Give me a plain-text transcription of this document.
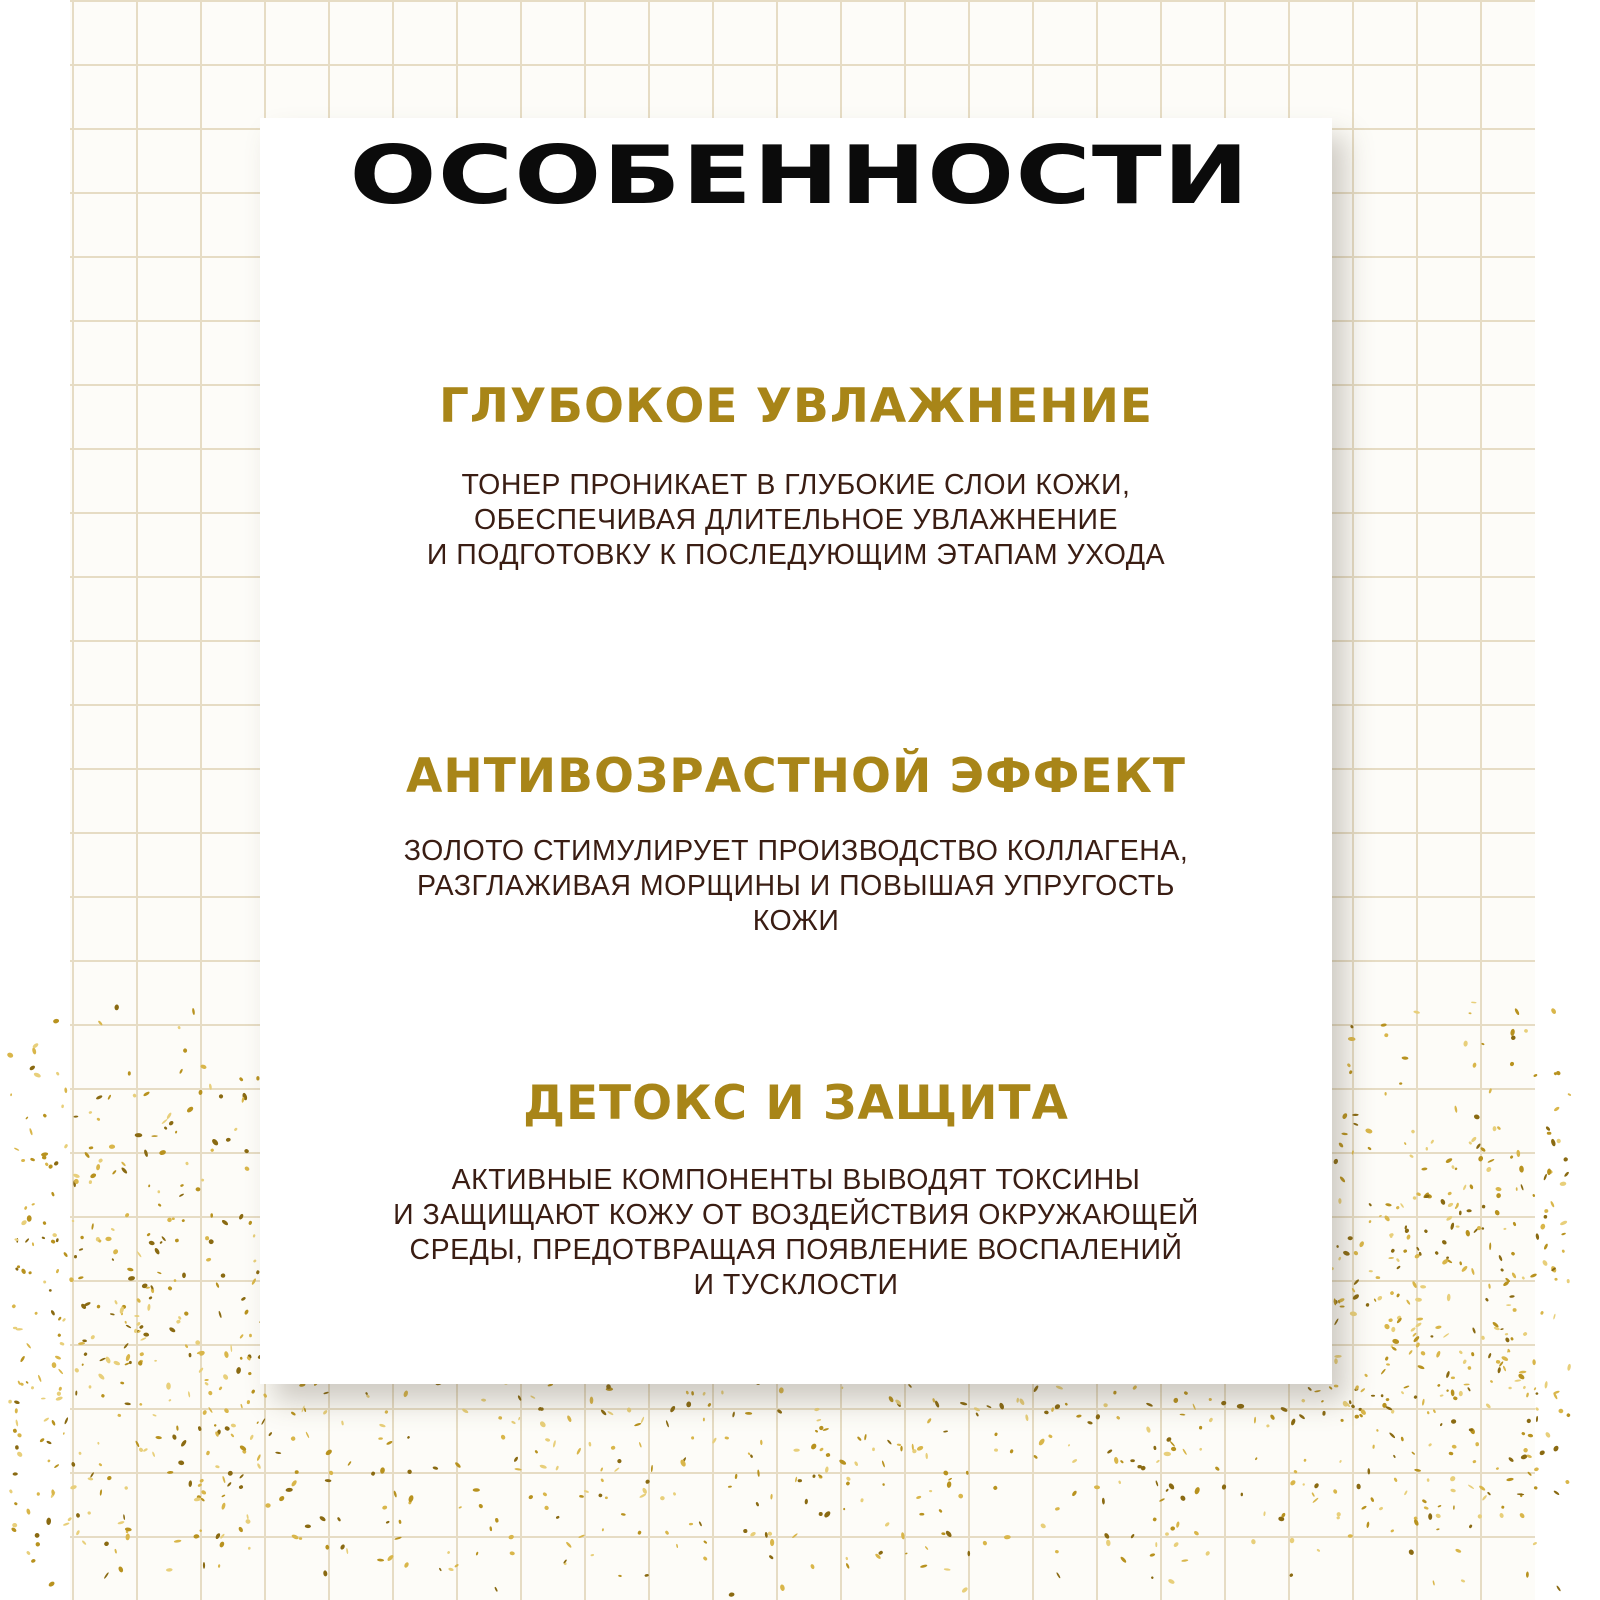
ОСОБЕННОСТИ
ГЛУБОКОЕ УВЛАЖНЕНИЕ

ТОНЕР ПРОНИКАЕТ В ГЛУБОКИЕ СЛОИ КОЖИ,
ОБЕСПЕЧИВАЯ ДЛИТЕЛЬНОЕ УВЛАЖНЕНИЕ
И ПОДГОТОВКУ К ПОСЛЕДУЮЩИМ ЭТАПАМ УХОДА

АНТИВОЗРАСТНОЙ ЭФФЕКТ

ЗОЛОТО СТИМУЛИРУЕТ ПРОИЗВОДСТВО КОЛЛАГЕНА,
РАЗГЛАЖИВАЯ МОРЩИНЫ И ПОВЫШАЯ УПРУГОСТЬ
КОЖИ

ДЕТОКС И ЗАЩИТА

АКТИВНЫЕ КОМПОНЕНТЫ ВЫВОДЯТ ТОКСИНЫ
И ЗАЩИЩАЮТ КОЖУ ОТ ВОЗДЕЙСТВИЯ ОКРУЖАЮЩЕЙ
СРЕДЫ, ПРЕДОТВРАЩАЯ ПОЯВЛЕНИЕ ВОСПАЛЕНИЙ
И ТУСКЛОСТИ
